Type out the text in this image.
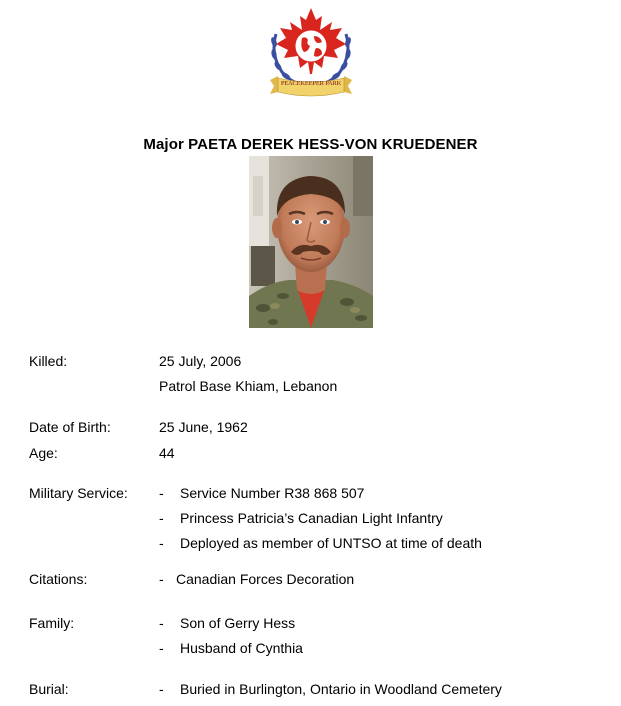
PEACEKEEPER PARK
Major PAETA DEREK HESS-VON KRUEDENER
Killed:	25 July, 2006
Patrol Base Khiam, Lebanon
Date of Birth:	25 June, 1962
Age:	44
Military Service: - Service Number R38 868 507
- Princess Patricia’s Canadian Light Infantry
- Deployed as member of UNTSO at time of death
Citations:	- Canadian Forces Decoration
Family:	- Son of Gerry Hess
- Husband of Cynthia
Burial:	- Buried in Burlington, Ontario in Woodland Cemetery
